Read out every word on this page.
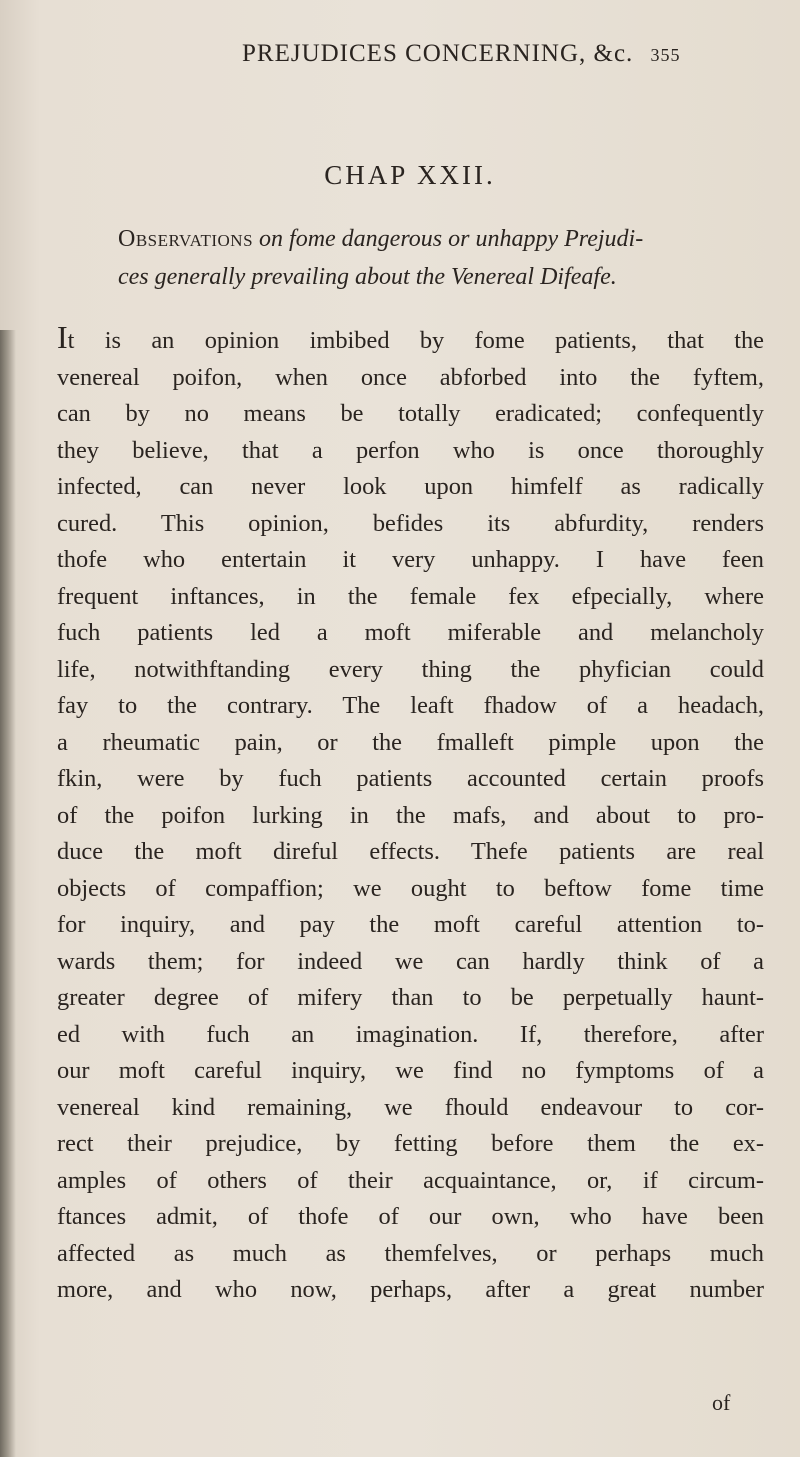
PREJUDICES CONCERNING, &c. 355
CHAP XXII.
Observations on fome dangerous or unhappy Prejudi-
ces generally prevailing about the Venereal Difeafe.
It is an opinion imbibed by fome patients, that the
venereal poifon, when once abforbed into the fyftem,
can by no means be totally eradicated; confequently
they believe, that a perfon who is once thoroughly
infected, can never look upon himfelf as radically
cured. This opinion, befides its abfurdity, renders
thofe who entertain it very unhappy. I have feen
frequent inftances, in the female fex efpecially, where
fuch patients led a moft miferable and melancholy
life, notwithftanding every thing the phyfician could
fay to the contrary. The leaft fhadow of a headach,
a rheumatic pain, or the fmalleft pimple upon the
fkin, were by fuch patients accounted certain proofs
of the poifon lurking in the mafs, and about to pro-
duce the moft direful effects. Thefe patients are real
objects of compaffion; we ought to beftow fome time
for inquiry, and pay the moft careful attention to-
wards them; for indeed we can hardly think of a
greater degree of mifery than to be perpetually haunt-
ed with fuch an imagination. If, therefore, after
our moft careful inquiry, we find no fymptoms of a
venereal kind remaining, we fhould endeavour to cor-
rect their prejudice, by fetting before them the ex-
amples of others of their acquaintance, or, if circum-
ftances admit, of thofe of our own, who have been
affected as much as themfelves, or perhaps much
more, and who now, perhaps, after a great number
of
